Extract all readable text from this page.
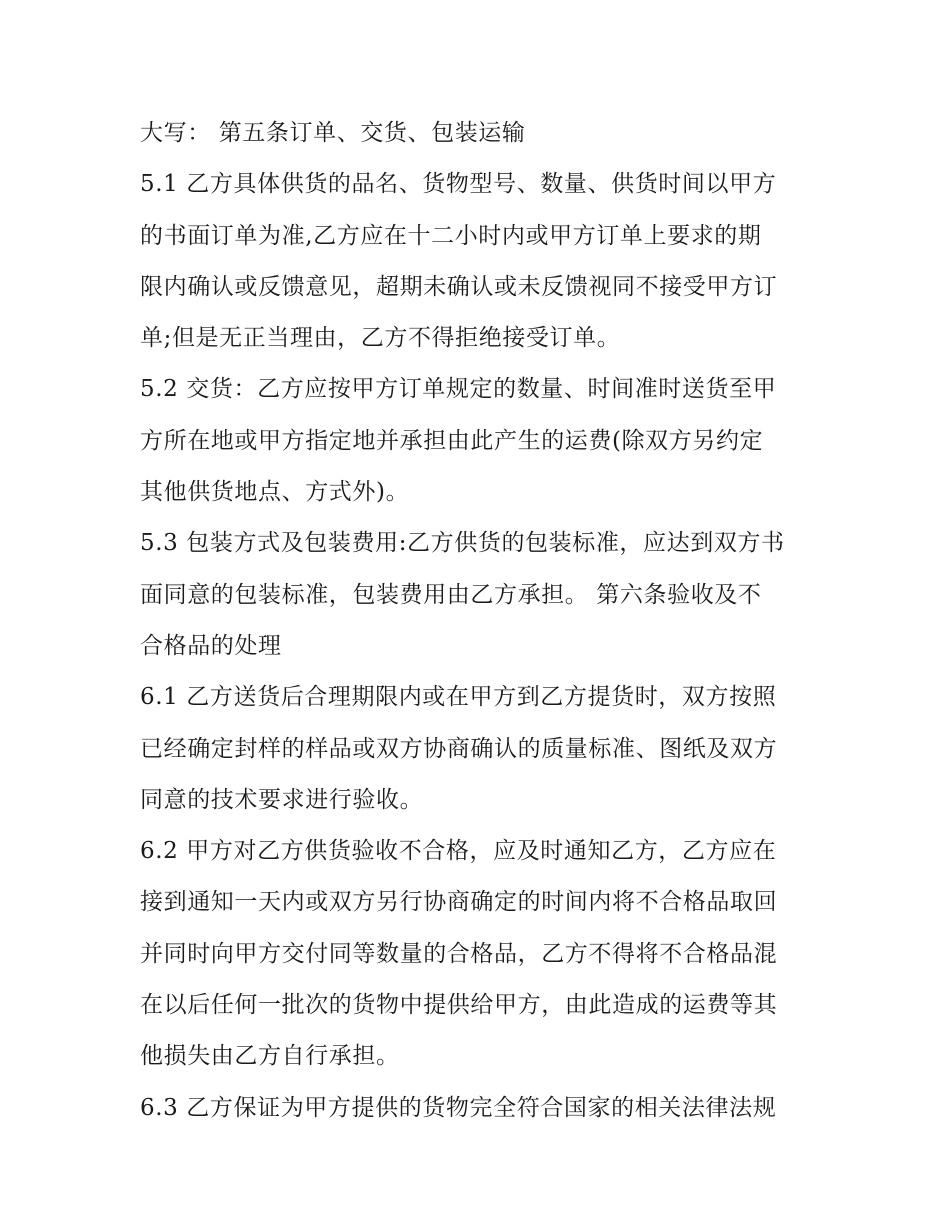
大写： 第五条订单、交货、包装运输
5.1 乙方具体供货的品名、货物型号、数量、供货时间以甲方
的书面订单为准,乙方应在十二小时内或甲方订单上要求的期
限内确认或反馈意见，超期未确认或未反馈视同不接受甲方订
单;但是无正当理由，乙方不得拒绝接受订单。
5.2 交货：乙方应按甲方订单规定的数量、时间准时送货至甲
方所在地或甲方指定地并承担由此产生的运费(除双方另约定
其他供货地点、方式外)。
5.3 包装方式及包装费用:乙方供货的包装标准，应达到双方书
面同意的包装标准，包装费用由乙方承担。 第六条验收及不
合格品的处理
6.1 乙方送货后合理期限内或在甲方到乙方提货时，双方按照
已经确定封样的样品或双方协商确认的质量标准、图纸及双方
同意的技术要求进行验收。
6.2 甲方对乙方供货验收不合格，应及时通知乙方，乙方应在
接到通知一天内或双方另行协商确定的时间内将不合格品取回
并同时向甲方交付同等数量的合格品，乙方不得将不合格品混
在以后任何一批次的货物中提供给甲方，由此造成的运费等其
他损失由乙方自行承担。
6.3 乙方保证为甲方提供的货物完全符合国家的相关法律法规
